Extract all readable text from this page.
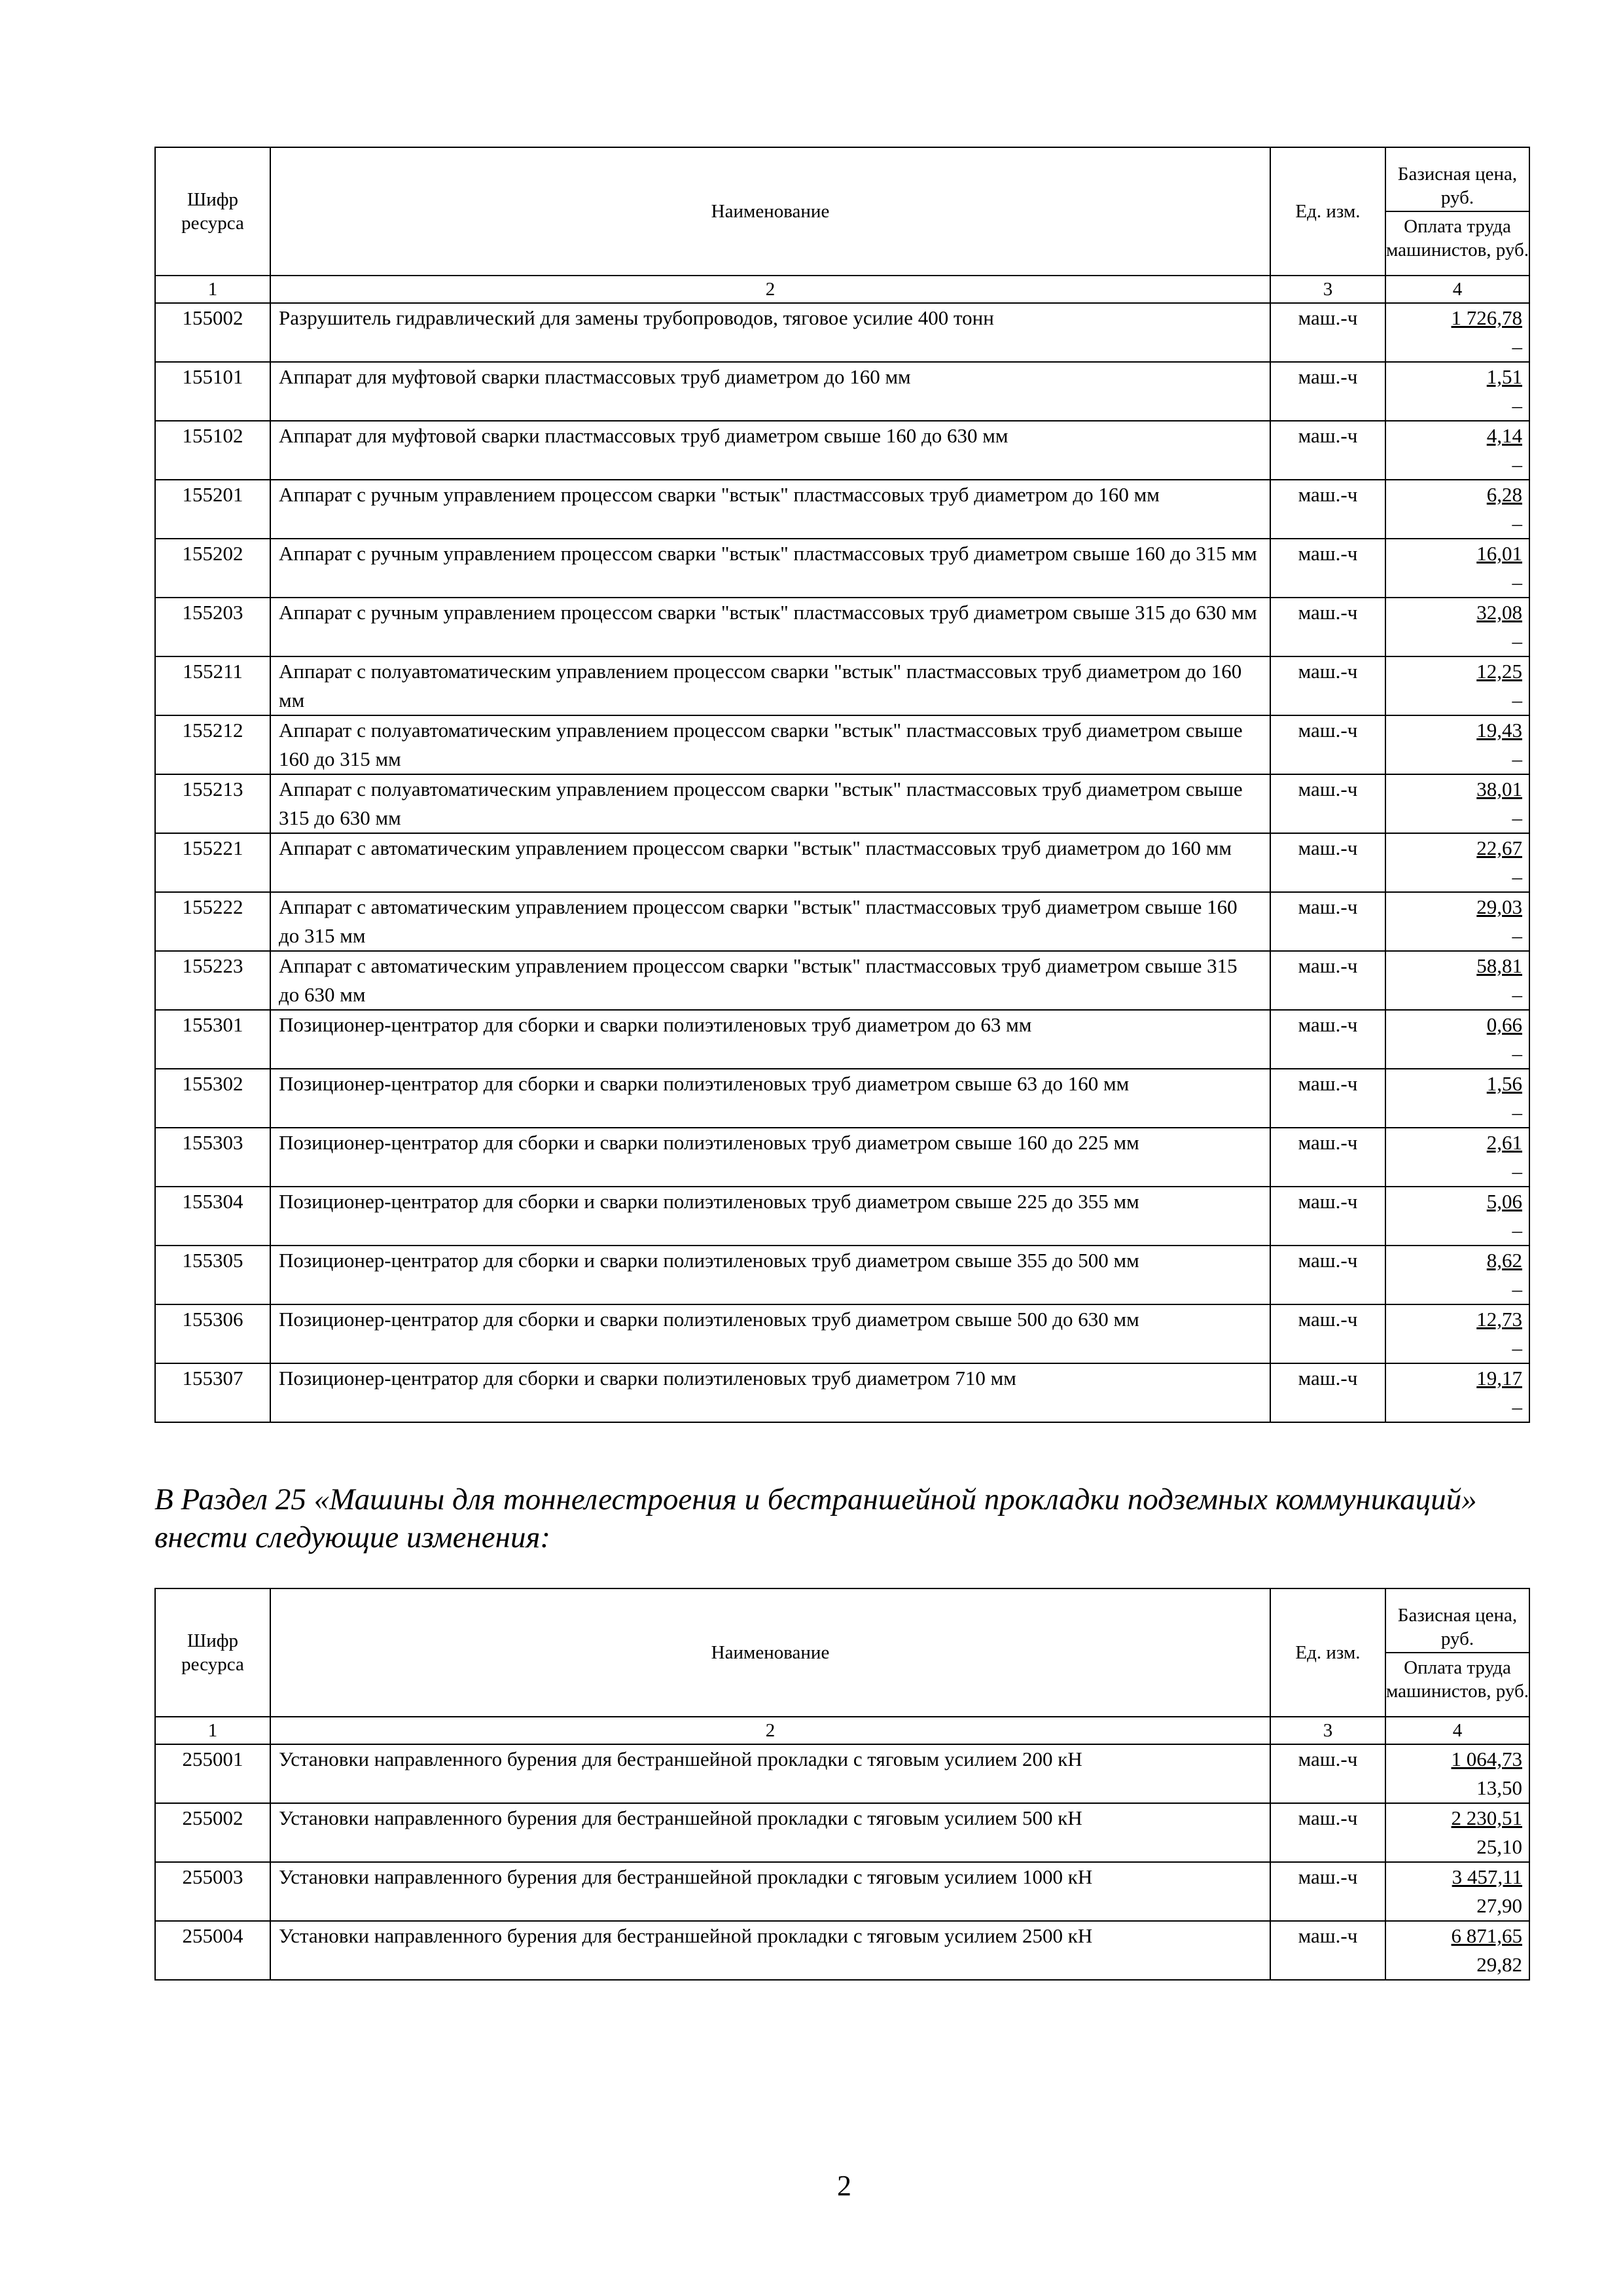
Шифр ресурса	Наименование	Ед. изм.	Базисная цена, руб.
Оплата труда машинистов, руб.

1	2	3	4
155002	Разрушитель гидравлический для замены трубопроводов, тяговое усилие 400 тонн	маш.-ч	1 726,78
–

155101	Аппарат для муфтовой сварки пластмассовых труб диаметром до 160 мм	маш.-ч	1,51
–

155102	Аппарат для муфтовой сварки пластмассовых труб диаметром свыше 160 до 630 мм	маш.-ч	4,14
–

155201	Аппарат с ручным управлением процессом сварки "встык" пластмассовых труб диаметром до 160 мм	маш.-ч	6,28
–

155202	Аппарат с ручным управлением процессом сварки "встык" пластмассовых труб диаметром свыше 160 до 315 мм	маш.-ч	16,01
–

155203	Аппарат с ручным управлением процессом сварки "встык" пластмассовых труб диаметром свыше 315 до 630 мм	маш.-ч	32,08
–

155211	Аппарат с полуавтоматическим управлением процессом сварки "встык" пластмассовых труб диаметром до 160 мм	маш.-ч	12,25
–

155212	Аппарат с полуавтоматическим управлением процессом сварки "встык" пластмассовых труб диаметром свыше 160 до 315 мм	маш.-ч	19,43
–

155213	Аппарат с полуавтоматическим управлением процессом сварки "встык" пластмассовых труб диаметром свыше 315 до 630 мм	маш.-ч	38,01
–

155221	Аппарат с автоматическим управлением процессом сварки "встык" пластмассовых труб диаметром до 160 мм	маш.-ч	22,67
–

155222	Аппарат с автоматическим управлением процессом сварки "встык" пластмассовых труб диаметром свыше 160 до 315 мм	маш.-ч	29,03
–

155223	Аппарат с автоматическим управлением процессом сварки "встык" пластмассовых труб диаметром свыше 315 до 630 мм	маш.-ч	58,81
–

155301	Позиционер-центратор для сборки и сварки полиэтиленовых труб диаметром до 63 мм	маш.-ч	0,66
–

155302	Позиционер-центратор для сборки и сварки полиэтиленовых труб диаметром свыше 63 до 160 мм	маш.-ч	1,56
–

155303	Позиционер-центратор для сборки и сварки полиэтиленовых труб диаметром свыше 160 до 225 мм	маш.-ч	2,61
–

155304	Позиционер-центратор для сборки и сварки полиэтиленовых труб диаметром свыше 225 до 355 мм	маш.-ч	5,06
–

155305	Позиционер-центратор для сборки и сварки полиэтиленовых труб диаметром свыше 355 до 500 мм	маш.-ч	8,62
–

155306	Позиционер-центратор для сборки и сварки полиэтиленовых труб диаметром свыше 500 до 630 мм	маш.-ч	12,73
–

155307	Позиционер-центратор для сборки и сварки полиэтиленовых труб диаметром 710 мм	маш.-ч	19,17
–
В Раздел 25 «Машины для тоннелестроения и бестраншейной прокладки подземных коммуникаций» внести следующие изменения:
Шифр ресурса	Наименование	Ед. изм.	Базисная цена, руб.
Оплата труда машинистов, руб.

1	2	3	4
255001	Установки направленного бурения для бестраншейной прокладки с тяговым усилием 200 кН	маш.-ч	1 064,73
13,50

255002	Установки направленного бурения для бестраншейной прокладки с тяговым усилием 500 кН	маш.-ч	2 230,51
25,10

255003	Установки направленного бурения для бестраншейной прокладки с тяговым усилием 1000 кН	маш.-ч	3 457,11
27,90

255004	Установки направленного бурения для бестраншейной прокладки с тяговым усилием 2500 кН	маш.-ч	6 871,65
29,82
2
